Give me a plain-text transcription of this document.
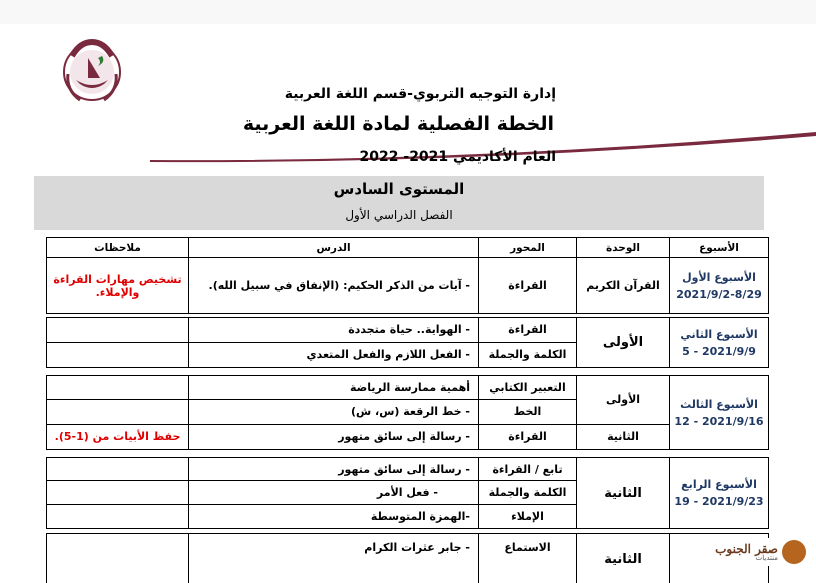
إدارة التوجيه التربوي-قسم اللغة العربية
الخطة الفصلية لمادة اللغة العربية
العام الأكاديمي 2021- 2022
المستوى السادس
الفصل الدراسي الأول
الأسبوع
الوحدة
المحور
الدرس
ملاحظات
الأسبوع الأول
2021/9/2-8/29
القرآن الكريم
القراءة
- آيات من الذكر الحكيم: (الإنفاق في سبيل الله).
تشخيص مهارات القراءة والإملاء.
الأسبوع الثاني
2021/9/9 - 5
الأولى
القراءة
الكلمة والجملة
- الهواية.. حياة متجددة
- الفعل اللازم والفعل المتعدي
الأسبوع الثالث
2021/9/16 - 12
الأولى
الثانية
التعبير الكتابي
الخط
القراءة
أهمية ممارسة الرياضة
- خط الرقعة (س، ش)
- رسالة إلى سائق متهور
حفظ الأبيات من (1-5).
الأسبوع الرابع
2021/9/23 - 19
الثانية
تابع / القراءة
الكلمة والجملة
الإملاء
- رسالة إلى سائق متهور
- فعل الأمر
-الهمزة المتوسطة
الثانية
الاستماع
- جابر عثرات الكرام	صقر الجنوب
منتديات
